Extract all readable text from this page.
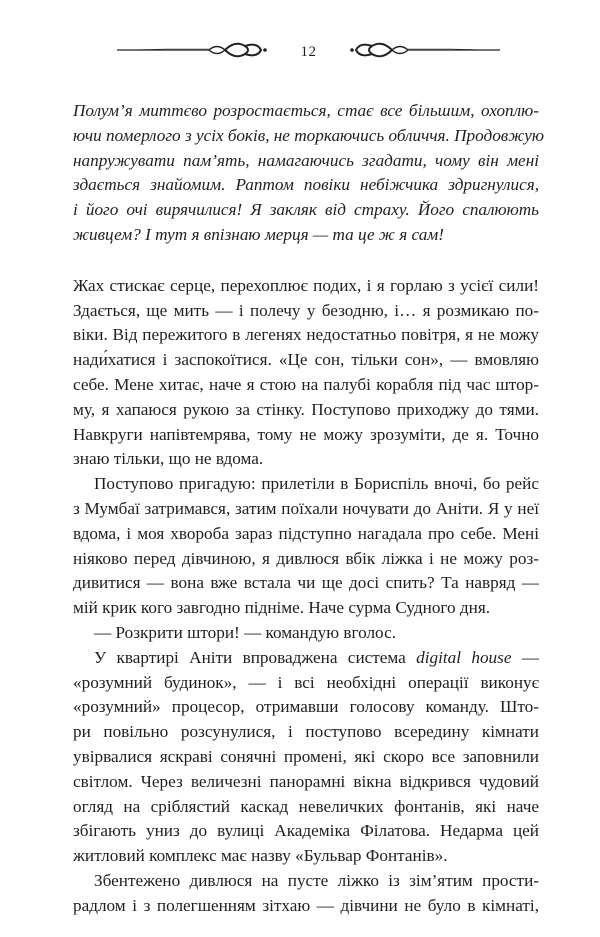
12
Полум’я миттєво розростається, стає все більшим, охоплю-
ючи померлого з усіх боків, не торкаючись обличчя. Продовжую
напружувати пам’ять, намагаючись згадати, чому він мені
здається знайомим. Раптом повіки небіжчика здригнулися,
і його очі вирячилися! Я закляк від страху. Його спалюють
живцем? І тут я впізнаю мерця — та це ж я сам!
Жах стискає серце, перехоплює подих, і я горлаю з усієї сили!
Здається, ще мить — і полечу у безодню, і… я розмикаю по-
віки. Від пережитого в легенях недостатньо повітря, я не можу
нади́хатися і заспокоїтися. «Це сон, тільки сон», — вмовляю
себе. Мене хитає, наче я стою на палубі корабля під час штор-
му, я хапаюся рукою за стінку. Поступово приходжу до тями.
Навкруги напівтемрява, тому не можу зрозуміти, де я. Точно
знаю тільки, що не вдома.
Поступово пригадую: прилетіли в Бориспіль вночі, бо рейс
з Мумбаї затримався, затим поїхали ночувати до Аніти. Я у неї
вдома, і моя хвороба зараз підступно нагадала про себе. Мені
ніяково перед дівчиною, я дивлюся вбік ліжка і не можу роз-
дивитися — вона вже встала чи ще досі спить? Та навряд —
мій крик кого завгодно підніме. Наче сурма Судного дня.
— Розкрити штори! — командую вголос.
У квартирі Аніти впроваджена система digital house —
«розумний будинок», — і всі необхідні операції виконує
«розумний» процесор, отримавши голосову команду. Што-
ри повільно розсунулися, і поступово всередину кімнати
увірвалися яскраві сонячні промені, які скоро все заповнили
світлом. Через величезні панорамні вікна відкрився чудовий
огляд на сріблястий каскад невеличких фонтанів, які наче
збігають униз до вулиці Академіка Філатова. Недарма цей
житловий комплекс має назву «Бульвар Фонтанів».
Збентежено дивлюся на пусте ліжко із зім’ятим прости-
радлом і з полегшенням зітхаю — дівчини не було в кімнаті,
